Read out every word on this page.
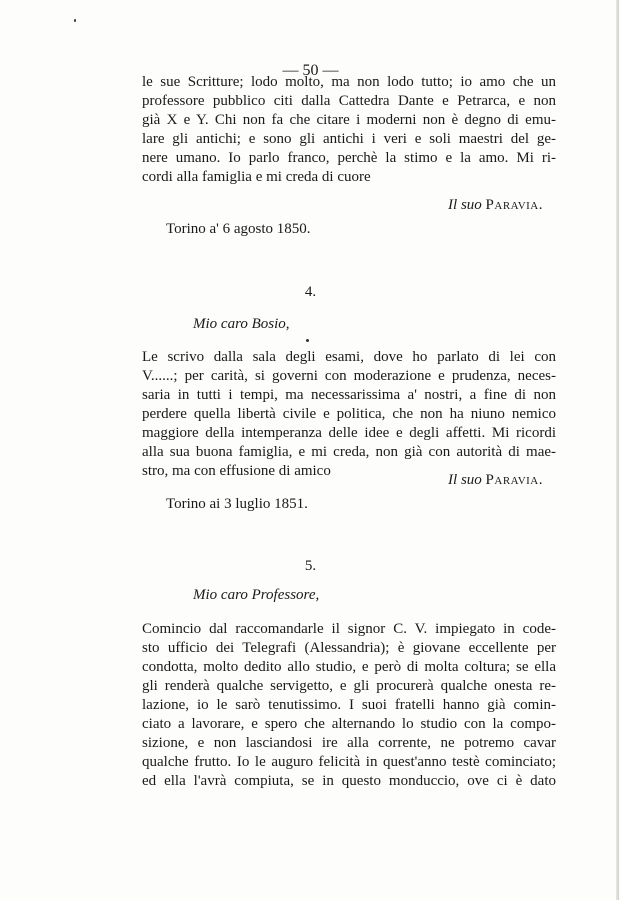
— 50 —
le sue Scritture; lodo molto, ma non lodo tutto; io amo che un
professore pubblico citi dalla Cattedra Dante e Petrarca, e non
già X e Y. Chi non fa che citare i moderni non è degno di emu-
lare gli antichi; e sono gli antichi i veri e soli maestri del ge-
nere umano. Io parlo franco, perchè la stimo e la amo. Mi ri-
cordi alla famiglia e mi creda di cuore
Il suo Paravia.
Torino a' 6 agosto 1850.
4.
Mio caro Bosio,
Le scrivo dalla sala degli esami, dove ho parlato di lei con
V......; per carità, si governi con moderazione e prudenza, neces-
saria in tutti i tempi, ma necessarissima a' nostri, a fine di non
perdere quella libertà civile e politica, che non ha niuno nemico
maggiore della intemperanza delle idee e degli affetti. Mi ricordi
alla sua buona famiglia, e mi creda, non già con autorità di mae-
stro, ma con effusione di amico
Il suo Paravia.
Torino ai 3 luglio 1851.
5.
Mio caro Professore,
Comincio dal raccomandarle il signor C. V. impiegato in code-
sto ufficio dei Telegrafi (Alessandria); è giovane eccellente per
condotta, molto dedito allo studio, e però di molta coltura; se ella
gli renderà qualche servigetto, e gli procurerà qualche onesta re-
lazione, io le sarò tenutissimo. I suoi fratelli hanno già comin-
ciato a lavorare, e spero che alternando lo studio con la compo-
sizione, e non lasciandosi ire alla corrente, ne potremo cavar
qualche frutto. Io le auguro felicità in quest'anno testè cominciato;
ed ella l'avrà compiuta, se in questo monduccio, ove ci è dato
